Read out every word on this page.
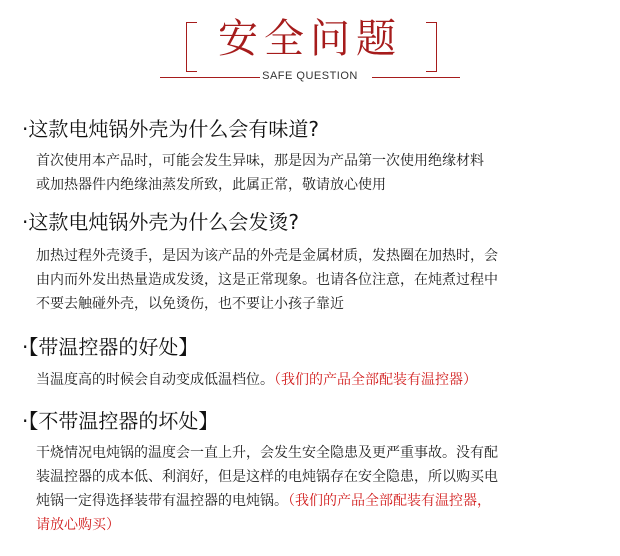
安全问题
SAFE QUESTION
·这款电炖锅外壳为什么会有味道?
首次使用本产品时，可能会发生异味，那是因为产品第一次使用绝缘材料
或加热器件内绝缘油蒸发所致，此属正常，敬请放心使用
·这款电炖锅外壳为什么会发烫?
加热过程外壳烫手，是因为该产品的外壳是金属材质，发热圈在加热时，会
由内而外发出热量造成发烫，这是正常现象。也请各位注意，在炖煮过程中
不要去触碰外壳，以免烫伤，也不要让小孩子靠近
·【带温控器的好处】
当温度高的时候会自动变成低温档位。（我们的产品全部配装有温控器）
·【不带温控器的坏处】
干烧情况电炖锅的温度会一直上升，会发生安全隐患及更严重事故。没有配
装温控器的成本低、利润好，但是这样的电炖锅存在安全隐患，所以购买电
炖锅一定得选择装带有温控器的电炖锅。（我们的产品全部配装有温控器，
请放心购买）
